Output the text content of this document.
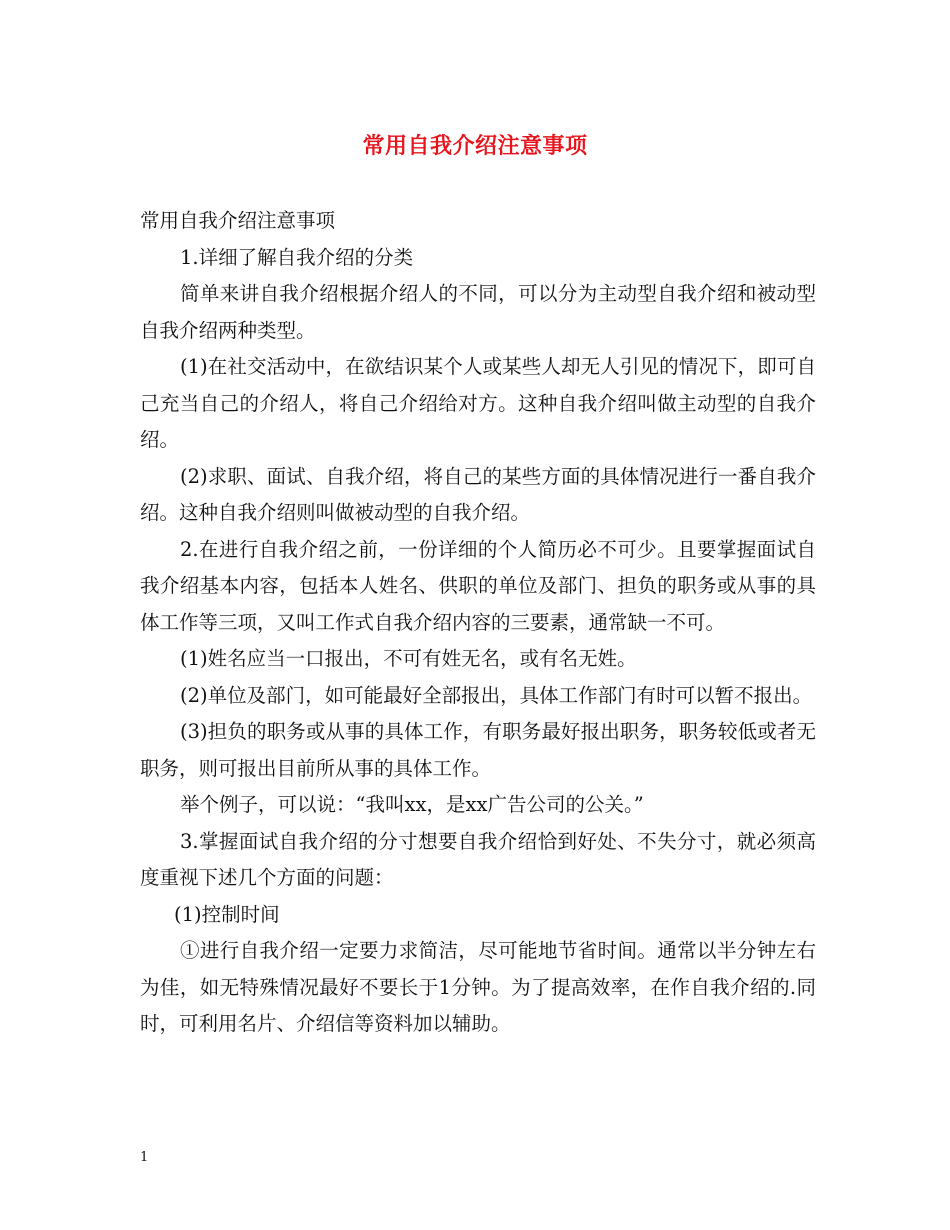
常用自我介绍注意事项

常用自我介绍注意事项

1.详细了解自我介绍的分类

简单来讲自我介绍根据介绍人的不同，可以分为主动型自我介绍和被动型自我介绍两种类型。

(1)在社交活动中，在欲结识某个人或某些人却无人引见的情况下，即可自己充当自己的介绍人，将自己介绍给对方。这种自我介绍叫做主动型的自我介绍。

(2)求职、面试、自我介绍，将自己的某些方面的具体情况进行一番自我介绍。这种自我介绍则叫做被动型的自我介绍。

2.在进行自我介绍之前，一份详细的个人简历必不可少。且要掌握面试自我介绍基本内容，包括本人姓名、供职的单位及部门、担负的职务或从事的具体工作等三项，又叫工作式自我介绍内容的三要素，通常缺一不可。

(1)姓名应当一口报出，不可有姓无名，或有名无姓。

(2)单位及部门，如可能最好全部报出，具体工作部门有时可以暂不报出。

(3)担负的职务或从事的具体工作，有职务最好报出职务，职务较低或者无职务，则可报出目前所从事的具体工作。

举个例子，可以说：“我叫xx，是xx广告公司的公关。”

3.掌握面试自我介绍的分寸想要自我介绍恰到好处、不失分寸，就必须高度重视下述几个方面的问题：

(1)控制时间

①进行自我介绍一定要力求简洁，尽可能地节省时间。通常以半分钟左右为佳，如无特殊情况最好不要长于1分钟。为了提高效率，在作自我介绍的.同时，可利用名片、介绍信等资料加以辅助。

1
